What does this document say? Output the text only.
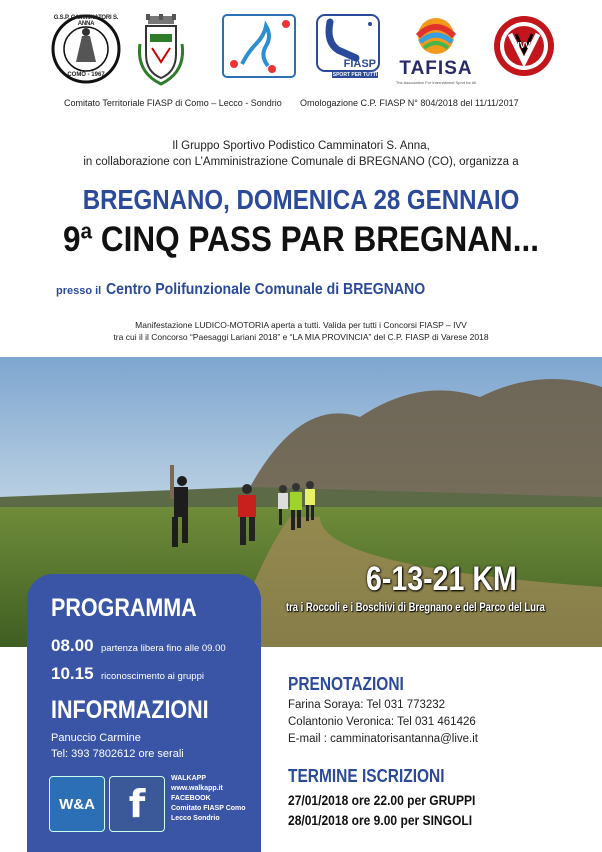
G.S.P. CAMMINATORI S. ANNA
COMO - 1967
FIASP
SPORT PER TUTTI	TAFISA
The Association For International Sport for All
IVV
Comitato Territoriale FIASP di Como – Lecco - Sondrio Omologazione C.P. FIASP N° 804/2018 del 11/11/2017
Il Gruppo Sportivo Podistico Camminatori S. Anna,
in collaborazione con L’Amministrazione Comunale di BREGNANO (CO), organizza a
BREGNANO, DOMENICA 28 GENNAIO
9ª CINQ PASS PAR BREGNAN...
presso il Centro Polifunzionale Comunale di BREGNANO
Manifestazione LUDICO-MOTORIA aperta a tutti. Valida per tutti i Concorsi FIASP – IVV
tra cui il il Concorso “Paesaggi Lariani 2018” e “LA MIA PROVINCIA” del C.P. FIASP di Varese 2018
6-13-21 KM
tra i Roccoli e i Boschivi di Bregnano e del Parco del Lura
PROGRAMMA
08.00 partenza libera fino alle 09.00
10.15 riconoscimento ai gruppi
INFORMAZIONI
Panuccio Carmine
Tel: 393 7802612 ore serali
W&A f
WALKAPP
www.walkapp.it
FACEBOOK
Comitato FIASP Como
Lecco Sondrio
PRENOTAZIONI
Farina Soraya: Tel 031 773232
Colantonio Veronica: Tel 031 461426
E-mail : camminatorisantanna@live.it
TERMINE ISCRIZIONI
27/01/2018 ore 22.00 per GRUPPI
28/01/2018 ore 9.00 per SINGOLI
